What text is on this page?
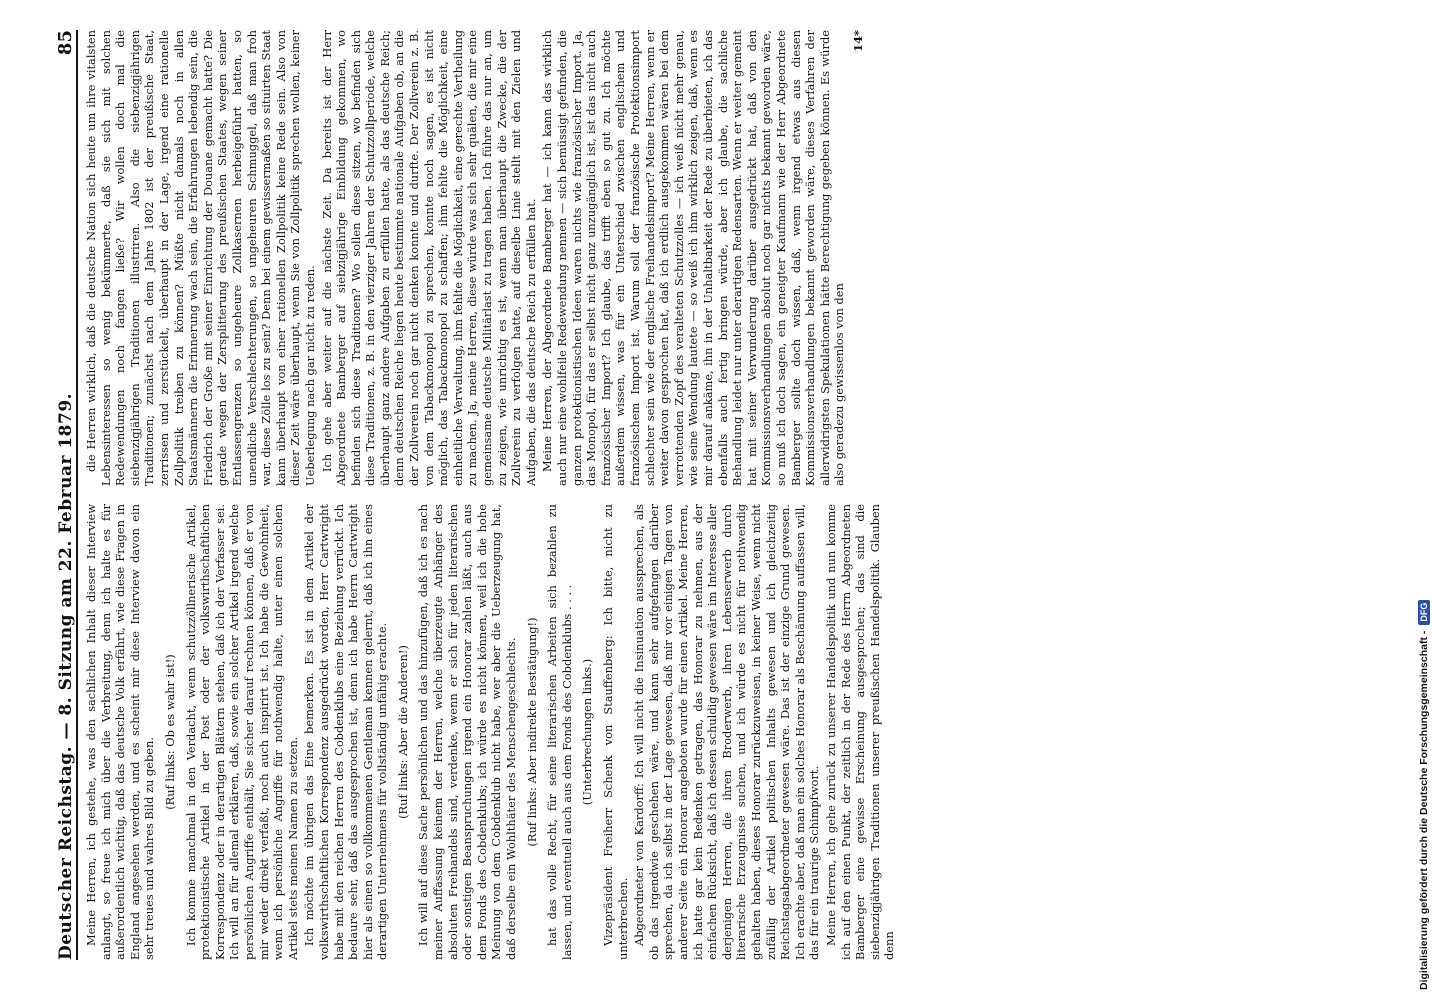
Deutscher Reichstag. — 8. Sitzung am 22. Februar 1879.
85

Meine Herren, ich gestehe, was den sachlichen Inhalt dieser Interview anlangt, so freue ich mich über die Verbreitung, denn ich halte es für außerordentlich wichtig, daß das deutsche Volk erfährt, wie diese Fragen in England angesehen werden, und es scheint mir diese Interview davon ein sehr treues und wahres Bild zu geben.

(Ruf links: Ob es wahr ist!) Ich komme manchmal in den Verdacht, wenn schutzzöllnerische Artikel, protektionistische Artikel in der Post oder der volkswirthschaftlichen Korrespondenz oder in derartigen Blättern stehen, daß ich der Verfasser sei. Ich will an für allemal erklären, daß, sowie ein solcher Artikel irgend welche persönlichen Angriffe enthält, Sie sicher darauf rechnen können, daß er von mir weder direkt verfaßt, noch auch inspirirt ist. Ich habe die Gewohnheit, wenn ich persönliche Angriffe für nothwendig halte, unter einen solchen Artikel stets meinen Namen zu setzen. Ich möchte im übrigen das Eine bemerken. Es ist in dem Artikel der volkswirthschaftlichen Korrespondenz ausgedrückt worden, Herr Cartwright habe mit den reichen Herren des Cobdenklubs eine Beziehung verrückt. Ich bedaure sehr, daß das ausgesprochen ist, denn ich habe Herrn Cartwright hier als einen so vollkommenen Gentleman kennen gelernt, daß ich ihn eines derartigen Unternehmens für vollständig unfähig erachte. (Ruf links: Aber die Anderen!) Ich will auf diese Sache persönlichen und das hinzufügen, daß ich es nach meiner Auffassung keinem der Herren, welche überzeugte Anhänger des absoluten Freihandels sind, verdenke, wenn er sich für jeden literarischen oder sonstigen Beanspruchungen irgend ein Honorar zahlen läßt, auch aus dem Fonds des Cobdenklubs; ich würde es nicht können, weil ich die hohe Meinung von dem Cobdenklub nicht habe, wer aber die Ueberzeugung hat, daß derselbe ein Wohlthäter des Menschengeschlechts. (Ruf links: Aber indirekte Bestätigung!) hat das volle Recht, für seine literarischen Arbeiten sich bezahlen zu lassen, und eventuell auch aus dem Fonds des Cobdenklubs . . . . (Unterbrechungen links.) Vizepräsident Freiherr Schenk von Stauffenberg: Ich bitte, nicht zu unterbrechen. Abgeordneter von Kardorff: Ich will nicht die Insinuation aussprechen, als ob das irgendwie geschehen wäre, und kann sehr aufgefangen darüber sprechen, da ich selbst in der Lage gewesen, daß mir vor einigen Tagen von anderer Seite ein Honorar angeboten wurde für einen Artikel. Meine Herren, ich hatte gar kein Bedenken getragen, das Honorar zu nehmen, aus der einfachen Rücksicht, daß ich dessen schuldig gewesen wäre im Interesse aller derjenigen Herren, die ihren Broderwerb, ihren Lebenserwerb durch literarische Erzeugnisse suchen, und ich würde es nicht für nothwendig gehalten haben, dieses Honorar zurückzuweisen, in keiner Weise, wenn nicht zufällig der Artikel politischen Inhalts gewesen und ich gleichzeitig Reichstagsabgeordneter gewesen wäre. Das ist der einzige Grund gewesen. Ich erachte aber, daß man ein solches Honorar als Beschämung auffassen will, das für ein traurige Schimpfwort. Meine Herren, ich gehe zurück zu unserer Handelspolitik und nun komme ich auf den einen Punkt, der zeitlich in der Rede des Herrn Abgeordneten Bamberger eine gewisse Erscheinung ausgesprochen; das sind die siebenzigjährigen Traditionen unserer preußischen Handelspolitik. Glauben denn

die Herren wirklich, daß die deutsche Nation sich heute um ihre vitalsten Lebensinteressen so wenig bekümmerte, daß sie sich mit solchen Redewendungen noch fangen ließe? Wir wollen doch mal die siebenzigjährigen Traditionen illustriren. Also die siebenzigjährigen Traditionen; zunächst nach dem Jahre 1802 ist der preußische Staat, zerrissen und zerstückelt, überhaupt in der Lage, irgend eine rationelle Zollpolitik treiben zu können? Müßte nicht damals noch in allen Staatsmännern die Erinnerung wach sein, die Erfahrungen lebendig sein, die Friedrich der Große mit seiner Einrichtung der Douane gemacht hatte? Die gerade wegen der Zersplitterung des preußischen Staates, wegen seiner Entlassengrenzen so ungeheure Zollkasernen herbeigeführt hatten, so unendliche Verschlechterungen, so ungeheuren Schmuggel, daß man froh war, diese Zölle los zu sein? Denn bei einem gewissermaßen so situirten Staat kann überhaupt von einer rationellen Zollpolitik keine Rede sein. Also von dieser Zeit wäre überhaupt, wenn Sie von Zollpolitik sprechen wollen, keiner Ueberlegung nach gar nicht zu reden. Ich gehe aber weiter auf die nächste Zeit. Da bereits ist der Herr Abgeordnete Bamberger auf siebzigjährige Einbildung gekommen, wo befinden sich diese Traditionen? Wo sollen diese sitzen, wo befinden sich diese Traditionen, z. B. in den vierziger Jahren der Schutzzollperiode, welche überhaupt ganz andere Aufgaben zu erfüllen hatte, als das deutsche Reich; denn deutschen Reiche liegen heute bestimmte nationale Aufgaben ob, an die der Zollverein noch gar nicht denken konnte und durfte. Der Zollverein z. B. von dem Tabackmonopol zu sprechen, konnte noch sagen, es ist nicht möglich, das Tabackmonopol zu schaffen; ihm fehlte die Möglichkeit, eine einheitliche Verwaltung, ihm fehlte die Möglichkeit, eine gerechte Vertheilung zu machen. Ja, meine Herren, diese würde was sich sehr quälen, die mir eine gemeinsame deutsche Militärlast zu tragen haben. Ich führe das nur an, um zu zeigen, wie unrichtig es ist, wenn man überhaupt die Zwecke, die der Zollverein zu verfolgen hatte, auf dieselbe Linie stellt mit den Zielen und Aufgaben, die das deutsche Reich zu erfüllen hat. Meine Herren, der Abgeordnete Bamberger hat — ich kann das wirklich auch nur eine wohlfeile Redewendung nennen — sich bemüssigt gefunden, die ganzen protektionistischen Ideen waren nichts wie französischer Import. Ja, das Monopol, für das er selbst nicht ganz unzugänglich ist, ist das nicht auch französischer Import? Ich glaube, das trifft eben so gut zu. Ich möchte außerdem wissen, was für ein Unterschied zwischen englischem und französischem Import ist. Warum soll der französische Protektionsimport schlechter sein wie der englische Freihandelsimport? Meine Herren, wenn er weiter davon gesprochen hat, daß ich erdlich ausgekommen wären bei dem verrottenden Zopf des veralteten Schutzzolles — ich weiß nicht mehr genau, wie seine Wendung lautete — so weiß ich ihm wirklich zeigen, daß, wenn es mir darauf ankäme, ihn in der Unhaltbarkeit der Rede zu überbieten, ich das ebenfalls auch fertig bringen würde, aber ich glaube, die sachliche Behandlung leidet nur unter derartigen Redensarten. Wenn er weiter gemeint hat mit seiner Verwunderung darüber ausgedrückt hat, daß von den Kommissionsverhandlungen absolut noch gar nichts bekannt geworden wäre, so muß ich doch sagen, ein geneigter Kaufmann wie der Herr Abgeordnete Bamberger sollte doch wissen, daß, wenn irgend etwas aus diesen Kommissionsverhandlungen bekannt geworden wäre, dieses Verfahren der allerwidrigsten Spekulationen hätte Berechtigung gegeben können. Es würde also geradezu gewissenlos von den

14*
Digitalisierung gefördert durch die Deutsche Forschungsgemeinschaft -
DFG
